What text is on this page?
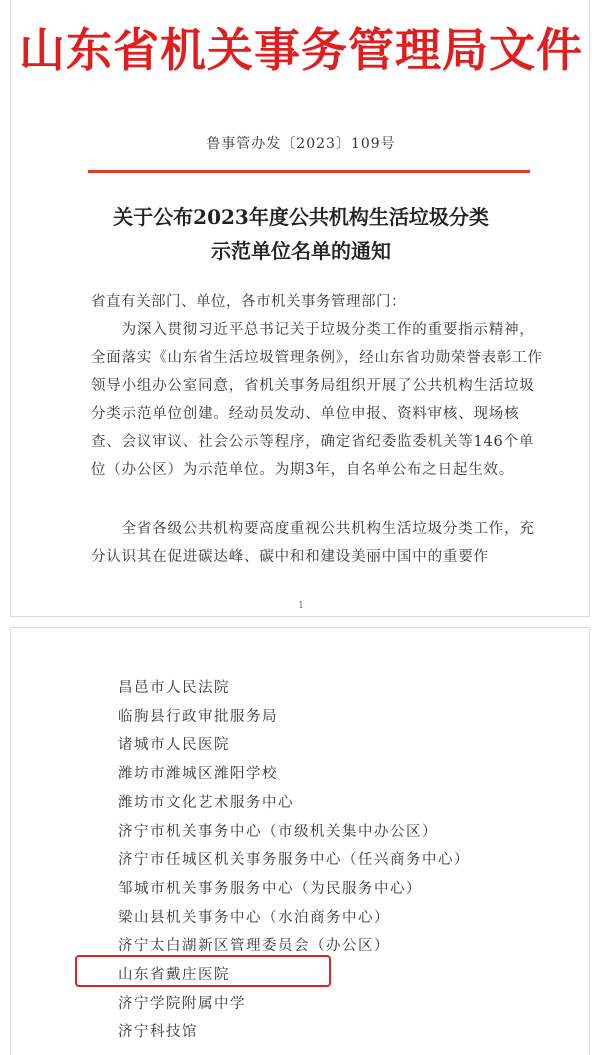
山东省机关事务管理局文件
鲁事管办发〔2023〕109号
关于公布2023年度公共机构生活垃圾分类
示范单位名单的通知
省直有关部门、单位，各市机关事务管理部门：

　　为深入贯彻习近平总书记关于垃圾分类工作的重要指示精神，全面落实《山东省生活垃圾管理条例》，经山东省功勋荣誉表彰工作领导小组办公室同意，省机关事务局组织开展了公共机构生活垃圾分类示范单位创建。经动员发动、单位申报、资料审核、现场核查、会议审议、社会公示等程序，确定省纪委监委机关等146个单位（办公区）为示范单位。为期3年，自名单公布之日起生效。

　　全省各级公共机构要高度重视公共机构生活垃圾分类工作，充分认识其在促进碳达峰、碳中和和建设美丽中国中的重要作

1
昌邑市人民法院
临朐县行政审批服务局
诸城市人民医院
潍坊市潍城区潍阳学校
潍坊市文化艺术服务中心
济宁市机关事务中心（市级机关集中办公区）
济宁市任城区机关事务服务中心（任兴商务中心）
邹城市机关事务服务中心（为民服务中心）
梁山县机关事务中心（水泊商务中心）
济宁太白湖新区管理委员会（办公区）
山东省戴庄医院
济宁学院附属中学
济宁科技馆
